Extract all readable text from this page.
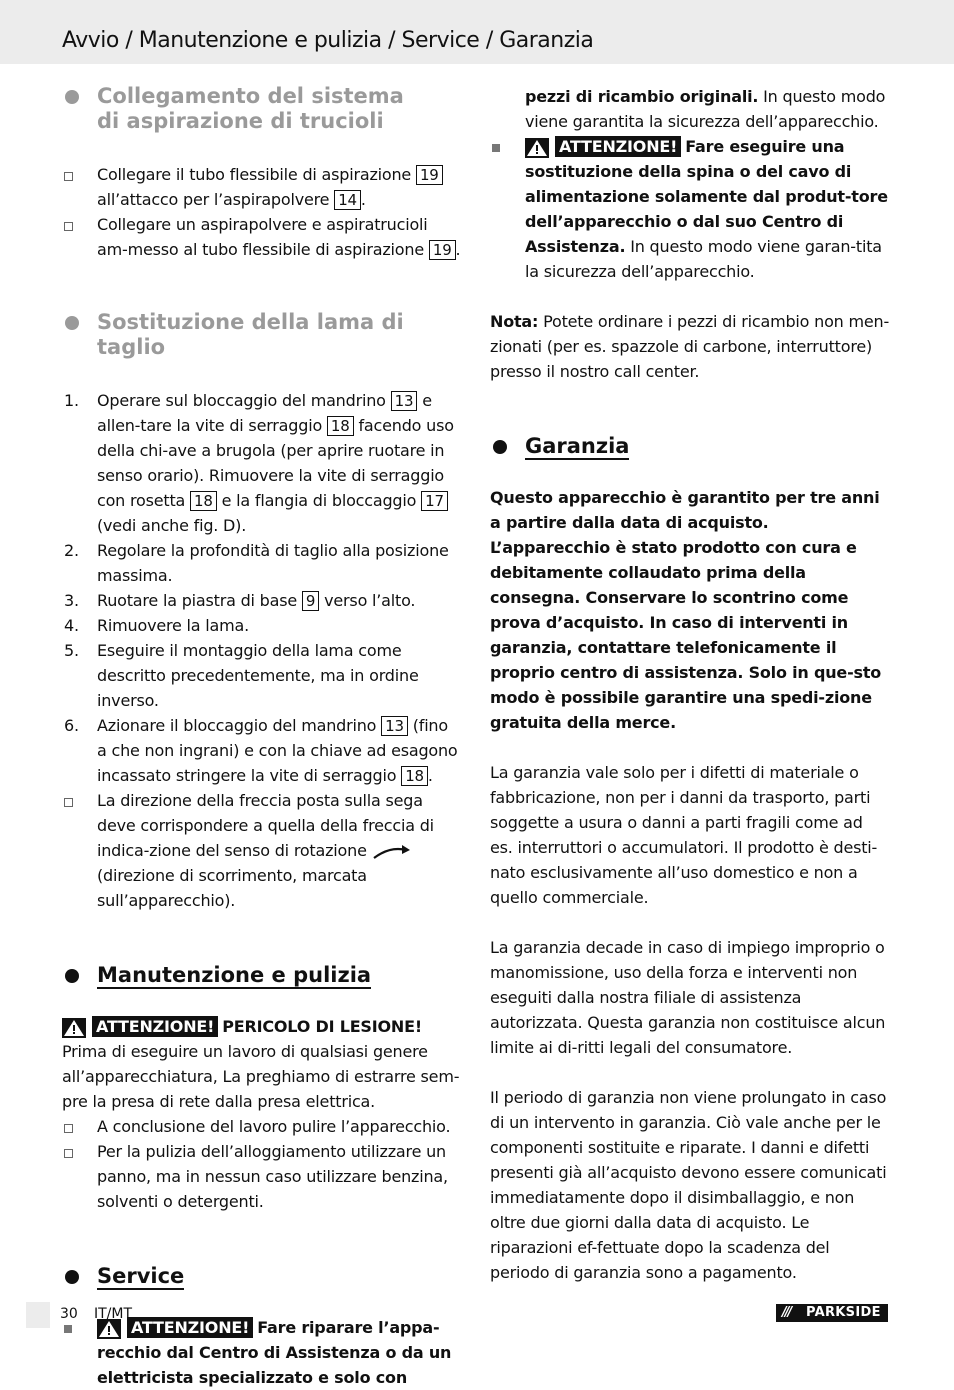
Avvio / Manutenzione e pulizia / Service / Garanzia
Collegamento del sistema
di aspirazione di trucioli
Collegare il tubo flessibile di aspirazione 19 all’attacco per l’aspirapolvere 14 .
Collegare un aspirapolvere e aspiratrucioli am-messo al tubo flessibile di aspirazione 19 .
Sostituzione della lama di taglio
1. Operare sul bloccaggio del mandrino 13 e allen-tare la vite di serraggio 18 facendo uso della chi-ave a brugola (per aprire ruotare in senso orario). Rimuovere la vite di serraggio con rosetta 18 e la flangia di bloccaggio 17 (vedi anche fig. D).
2. Regolare la profondità di taglio alla posizione massima.
3. Ruotare la piastra di base 9 verso l’alto.
4. Rimuovere la lama.
5. Eseguire il montaggio della lama come descritto precedentemente, ma in ordine inverso.
6. Azionare il bloccaggio del mandrino 13 (fino a che non ingrani) e con la chiave ad esagono incassato stringere la vite di serraggio 18 .
La direzione della freccia posta sulla sega deve corrispondere a quella della freccia di indica-zione del senso di rotazione  (direzione di scorrimento, marcata sull’apparecchio).
Manutenzione e pulizia
ATTENZIONE! PERICOLO DI LESIONE!
Prima di eseguire un lavoro di qualsiasi genere all’apparecchiatura, La preghiamo di estrarre sem-pre la presa di rete dalla presa elettrica.
A conclusione del lavoro pulire l’apparecchio.
Per la pulizia dell’alloggiamento utilizzare un panno, ma in nessun caso utilizzare benzina, solventi o detergenti.
Service
ATTENZIONE! Fare riparare l’appa-recchio dal Centro di Assistenza o da un elettricista specializzato e solo con
pezzi di ricambio originali. In questo modo viene garantita la sicurezza dell’apparecchio.
ATTENZIONE! Fare eseguire una sostituzione della spina o del cavo di alimentazione solamente dal produt-tore dell’apparecchio o dal suo Centro di Assistenza. In questo modo viene garan-tita la sicurezza dell’apparecchio.
Nota: Potete ordinare i pezzi di ricambio non men-zionati (per es. spazzole di carbone, interruttore) presso il nostro call center.
Garanzia
Questo apparecchio è garantito per tre anni a partire dalla data di acquisto. L’apparecchio è stato prodotto con cura e debitamente collaudato prima della consegna. Conservare lo scontrino come prova d’acquisto. In caso di interventi in garanzia, contattare telefonicamente il proprio centro di assistenza. Solo in que-sto modo è possibile garantire una spedi-zione gratuita della merce.
La garanzia vale solo per i difetti di materiale o fabbricazione, non per i danni da trasporto, parti soggette a usura o danni a parti fragili come ad es. interruttori o accumulatori. Il prodotto è desti-nato esclusivamente all’uso domestico e non a quello commerciale.
La garanzia decade in caso di impiego improprio o manomissione, uso della forza e interventi non eseguiti dalla nostra filiale di assistenza autorizzata. Questa garanzia non costituisce alcun limite ai di-ritti legali del consumatore.
Il periodo di garanzia non viene prolungato in caso di un intervento in garanzia. Ciò vale anche per le componenti sostituite e riparate. I danni e difetti presenti già all’acquisto devono essere comunicati immediatamente dopo il disimballaggio, e non oltre due giorni dalla data di acquisto. Le riparazioni ef-fettuate dopo la scadenza del periodo di garanzia sono a pagamento.
30 IT/MT	/// PARKSIDE
